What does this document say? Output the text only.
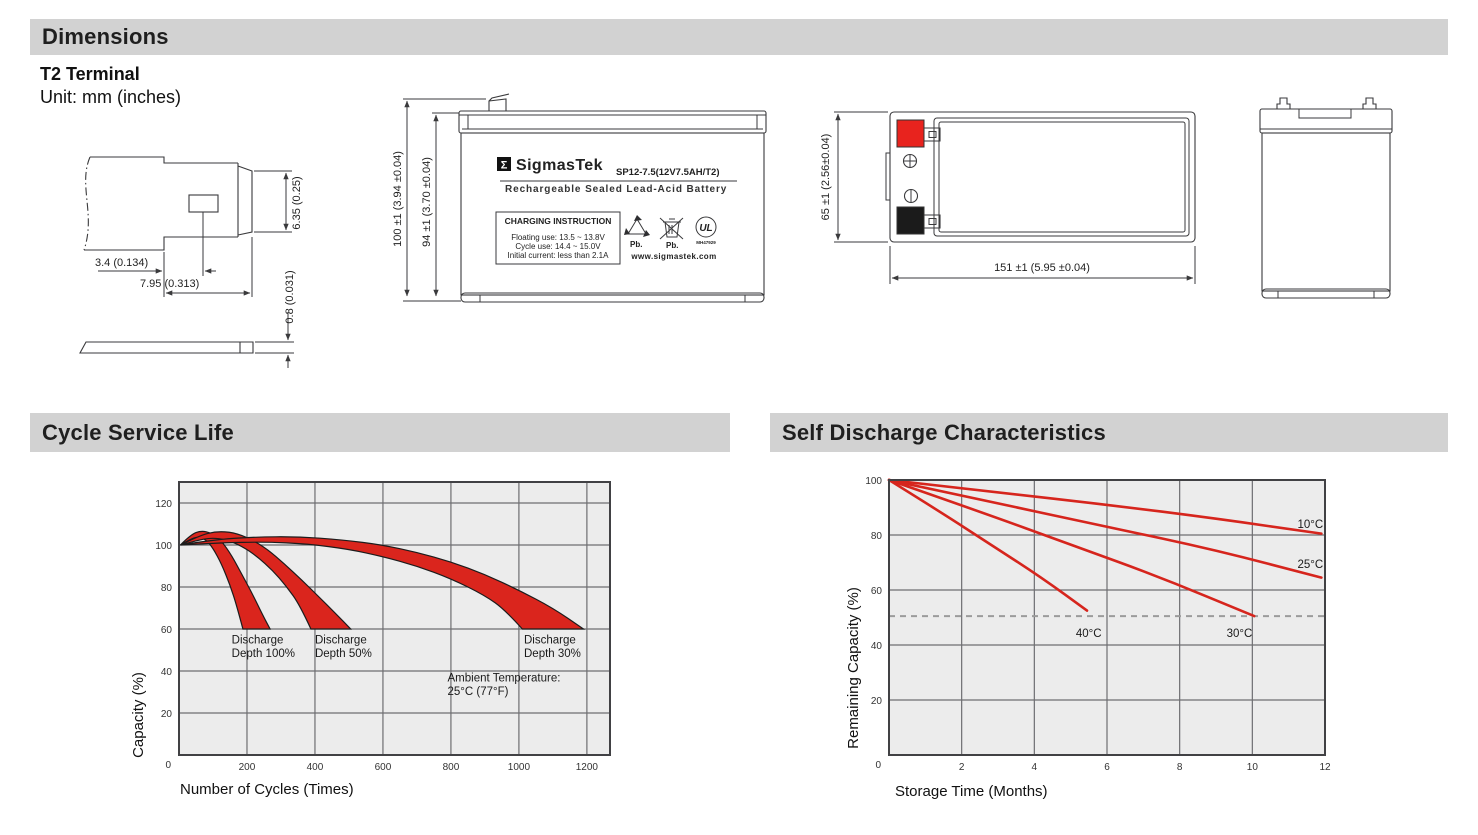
Dimensions
T2 Terminal
Unit: mm (inches)
6.35 (0.25)
3.4 (0.134)
7.95 (0.313)	0.8 (0.031)
100 ±1 (3.94 ±0.04) 94 ±1 (3.70 ±0.04)	Σ SigmasTek SP12-7.5(12V7.5AH/T2)
Rechargeable Sealed Lead-Acid Battery
CHARGING INSTRUCTION
Floating use: 13.5 ~ 13.8V
Cycle use: 14.4 ~ 15.0V
Initial current: less than 2.1A
Pb.	Pb.
UL
MH47929
www.sigmastek.com
65 ±1 (2.56±0.04)
151 ±1 (5.95 ±0.04)
Cycle Service Life	Self Discharge Characteristics
Number of Cycles (Times)
Capacity (%)
200	400	600	800	1000	1200
20
40
60
80
100
120
0
Discharge Depth 100%
Discharge Depth 50%
Discharge Depth 30%
Ambient Temperature: 25°C (77°F)
Storage Time (Months)
Remaining Capacity (%)
10°C
25°C
30°C
40°C
2	4	6	8	10	12
20
40
60
80
100
0
